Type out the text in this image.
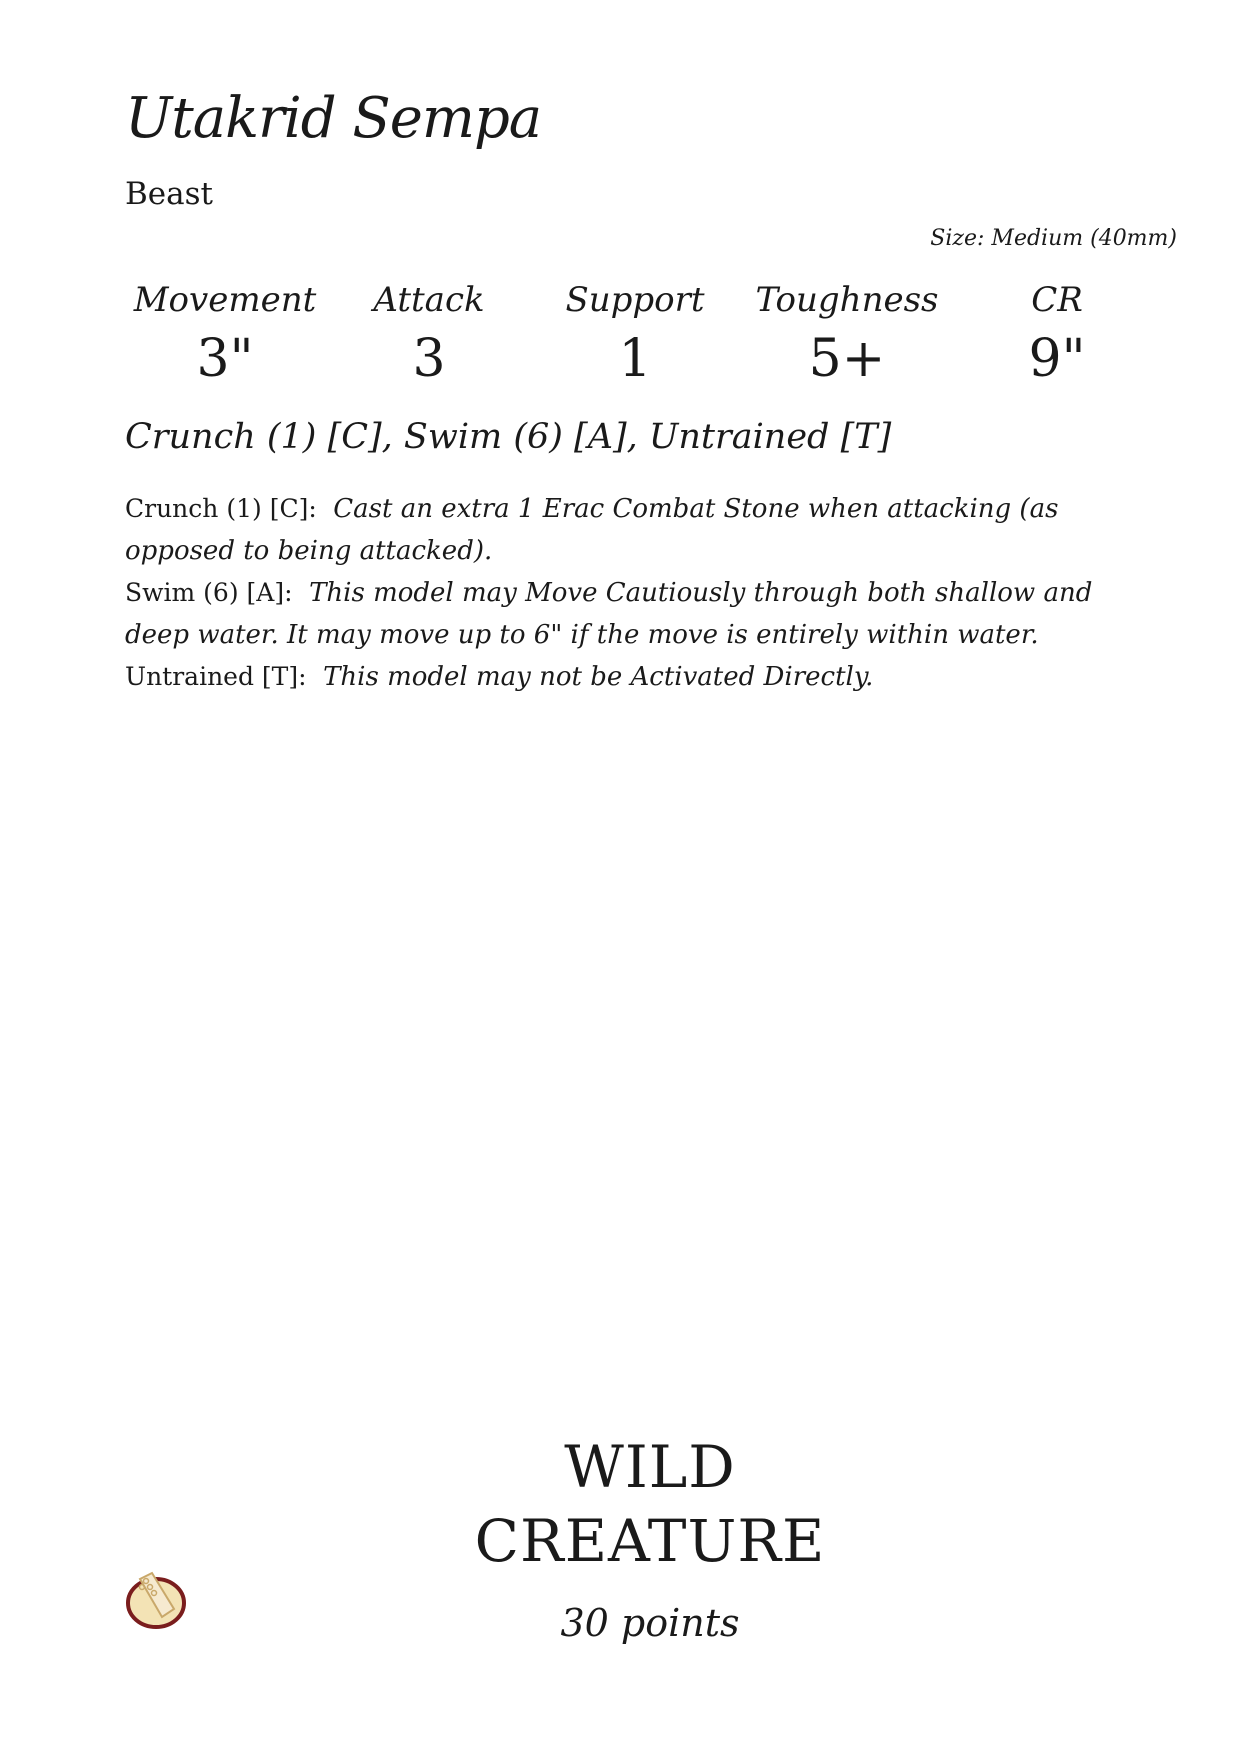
Utakrid Sempa
Beast
Size: Medium (40mm)
Movement
3"
Attack
3
Support
1
Toughness
5+
CR
9"
Crunch (1) [C], Swim (6) [A], Untrained [T]

Crunch (1) [C]: Cast an extra 1 Erac Combat Stone when attacking (as opposed to being attacked).

Swim (6) [A]: This model may Move Cautiously through both shallow and deep water. It may move up to 6" if the move is entirely within water.

Untrained [T]: This model may not be Activated Directly.

WILD
CREATURE
30 points
